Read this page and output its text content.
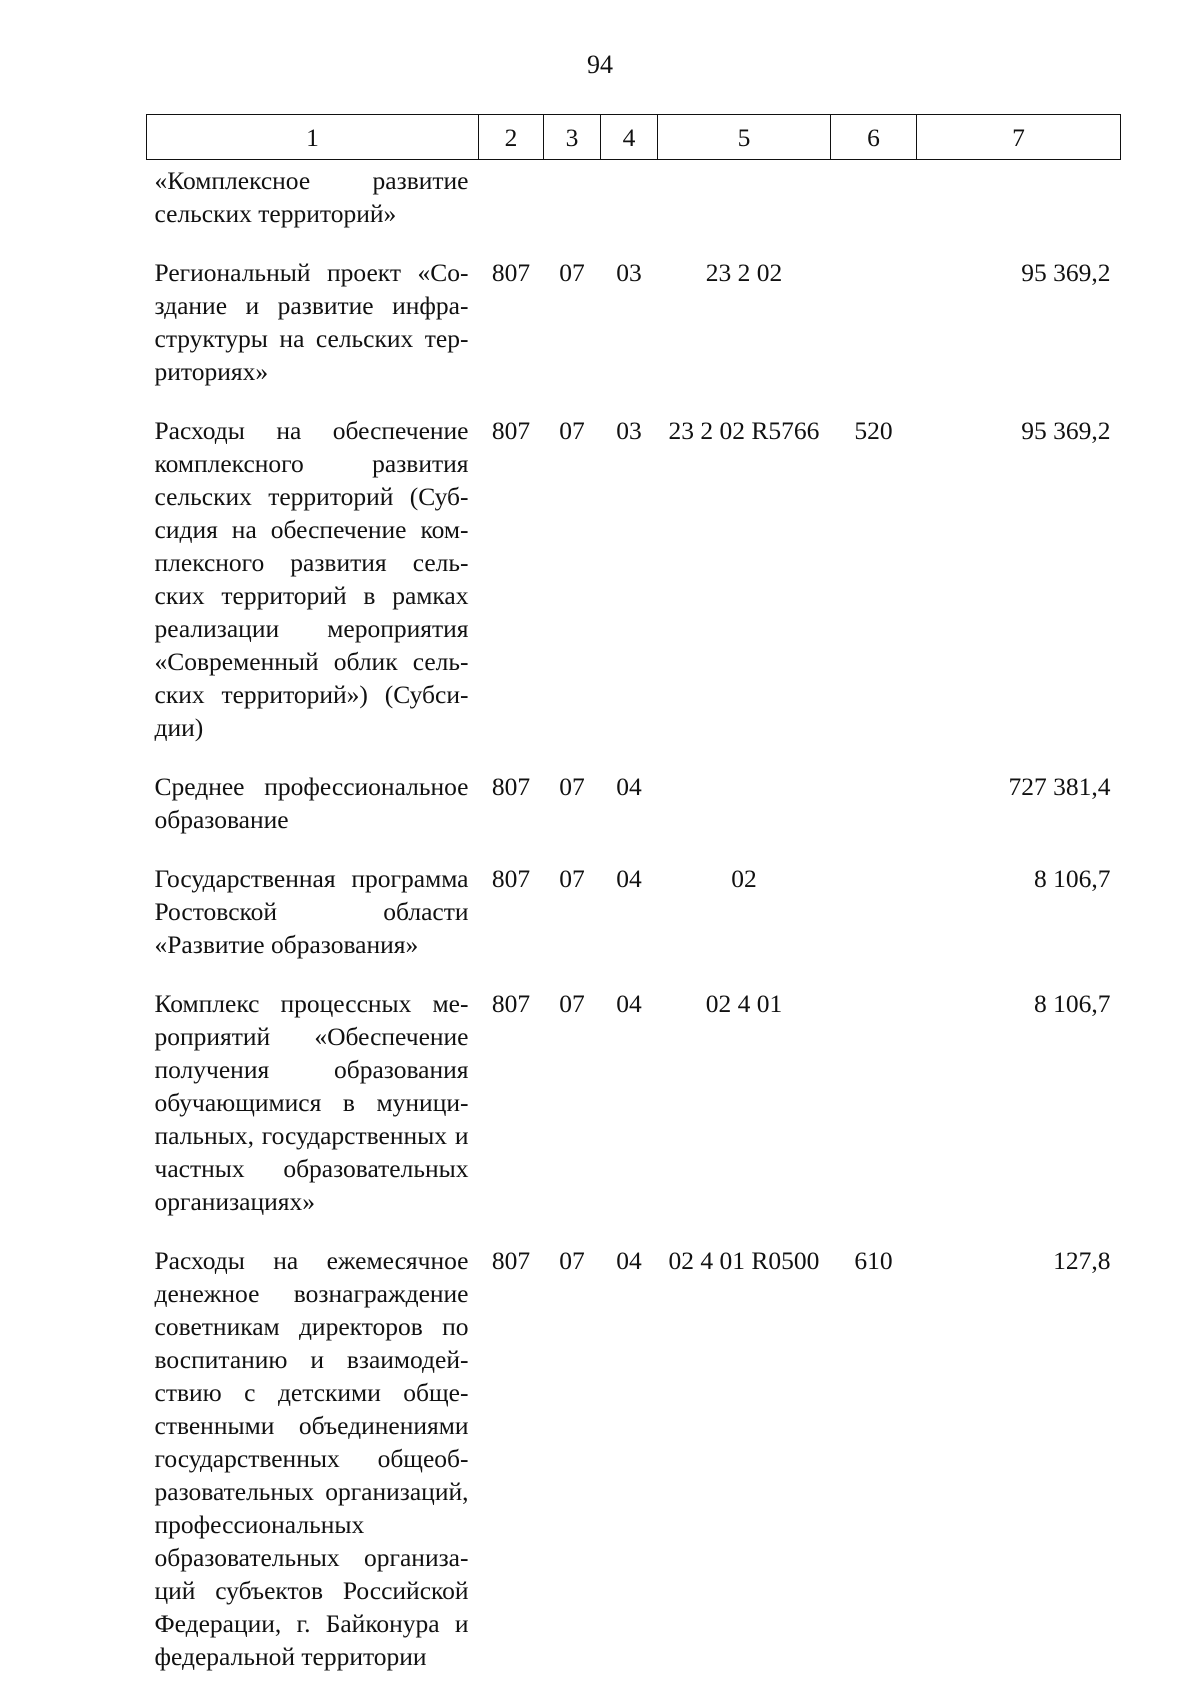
94
1	2	3	4	5	6	7
«Комплексное развитие сельских территорий»						
Региональный проект «Создание и развитие инфраструктуры на сельских территориях»	807	07	03	23 2 02		95 369,2
Расходы на обеспечение комплексного развития сельских территорий (Субсидия на обеспечение комплексного развития сельских территорий в рамках реализации мероприятия «Современный облик сельских территорий») (Субсидии)	807	07	03	23 2 02 R5766	520	95 369,2
Среднее профессиональное образование	807	07	04			727 381,4
Государственная программа Ростовской области «Развитие образования»	807	07	04	02		8 106,7
Комплекс процессных мероприятий «Обеспечение получения образования обучающимися в муниципальных, государственных и частных образовательных организациях»	807	07	04	02 4 01		8 106,7
Расходы на ежемесячное денежное вознаграждение советникам директоров по воспитанию и взаимодействию с детскими общественными объединениями государственных общеобразовательных организаций, профессиональных образовательных организаций субъектов Российской Федерации, г. Байконура и федеральной территории	807	07	04	02 4 01 R0500	610	127,8
